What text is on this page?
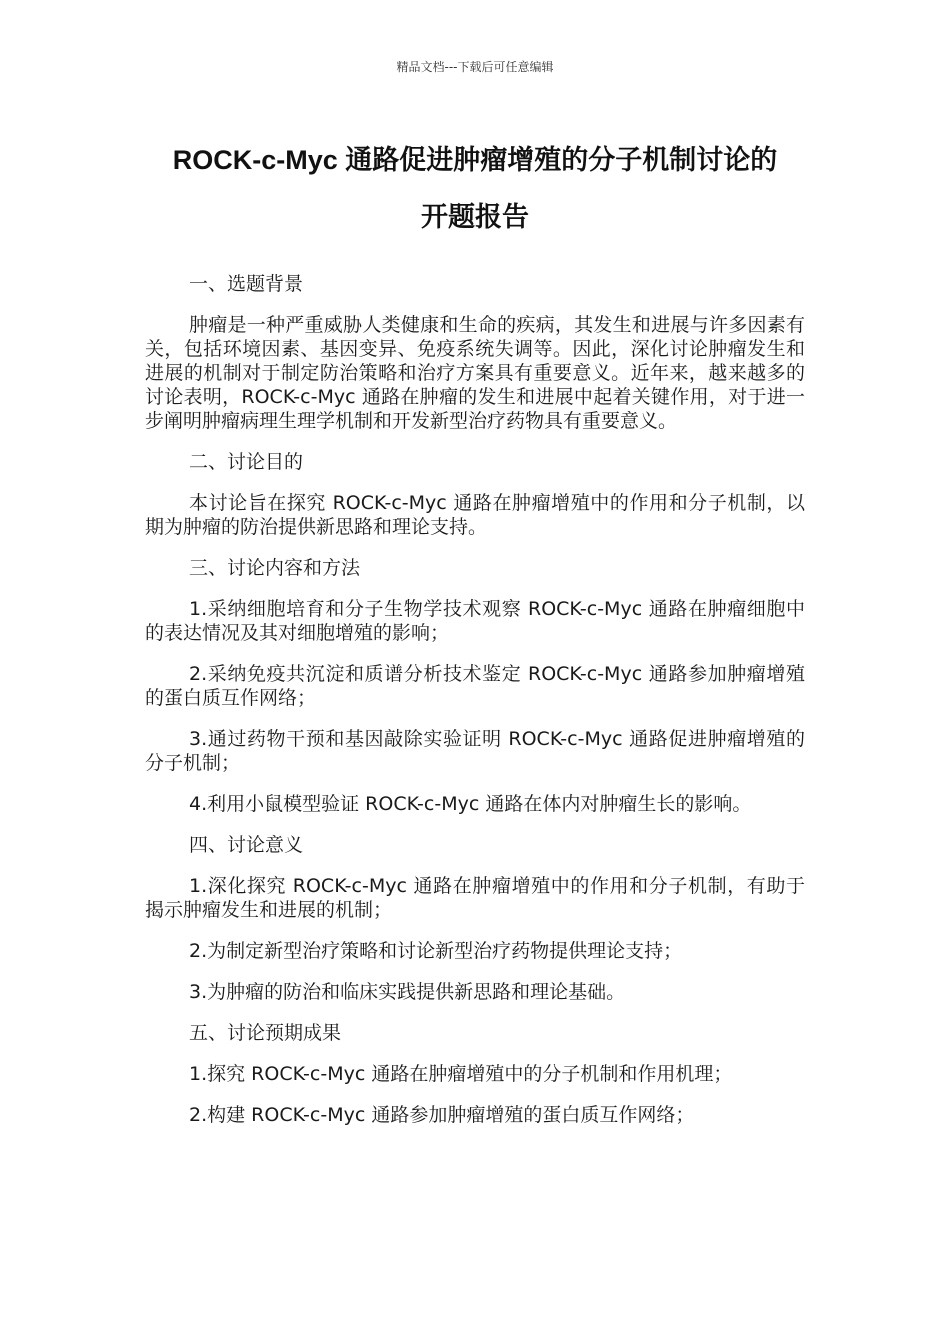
精品文档---下载后可任意编辑
ROCK-c-Myc 通路促进肿瘤增殖的分子机制讨论的
开题报告
一、选题背景
肿瘤是一种严重威胁人类健康和生命的疾病，其发生和进展与许多因素有关，包括环境因素、基因变异、免疫系统失调等。因此，深化讨论肿瘤发生和进展的机制对于制定防治策略和治疗方案具有重要意义。近年来，越来越多的讨论表明，ROCK-c-Myc 通路在肿瘤的发生和进展中起着关键作用，对于进一步阐明肿瘤病理生理学机制和开发新型治疗药物具有重要意义。
二、讨论目的
本讨论旨在探究 ROCK-c-Myc 通路在肿瘤增殖中的作用和分子机制，以期为肿瘤的防治提供新思路和理论支持。
三、讨论内容和方法
1.采纳细胞培育和分子生物学技术观察 ROCK-c-Myc 通路在肿瘤细胞中的表达情况及其对细胞增殖的影响；
2.采纳免疫共沉淀和质谱分析技术鉴定 ROCK-c-Myc 通路参加肿瘤增殖的蛋白质互作网络；
3.通过药物干预和基因敲除实验证明 ROCK-c-Myc 通路促进肿瘤增殖的分子机制；
4.利用小鼠模型验证 ROCK-c-Myc 通路在体内对肿瘤生长的影响。
四、讨论意义
1.深化探究 ROCK-c-Myc 通路在肿瘤增殖中的作用和分子机制，有助于揭示肿瘤发生和进展的机制；
2.为制定新型治疗策略和讨论新型治疗药物提供理论支持；
3.为肿瘤的防治和临床实践提供新思路和理论基础。
五、讨论预期成果
1.探究 ROCK-c-Myc 通路在肿瘤增殖中的分子机制和作用机理；
2.构建 ROCK-c-Myc 通路参加肿瘤增殖的蛋白质互作网络；
